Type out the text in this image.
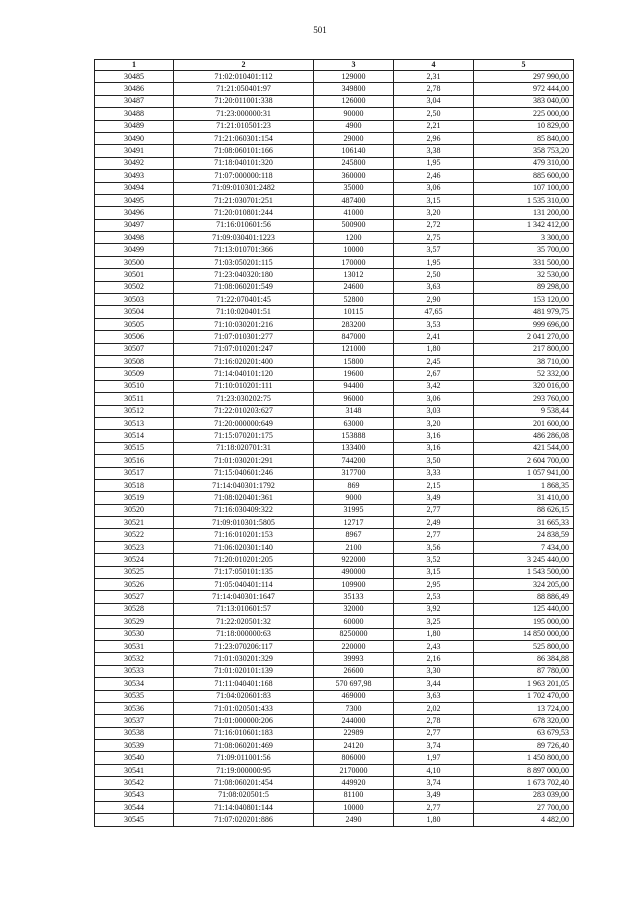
501
1	2	3	4	5
30485	71:02:010401:112	129000	2,31	297 990,00
30486	71:21:050401:97	349800	2,78	972 444,00
30487	71:20:011001:338	126000	3,04	383 040,00
30488	71:23:000000:31	90000	2,50	225 000,00
30489	71:21:010501:23	4900	2,21	10 829,00
30490	71:21:060301:154	29000	2,96	85 840,00
30491	71:08:060101:166	106140	3,38	358 753,20
30492	71:18:040101:320	245800	1,95	479 310,00
30493	71:07:000000:118	360000	2,46	885 600,00
30494	71:09:010301:2482	35000	3,06	107 100,00
30495	71:21:030701:251	487400	3,15	1 535 310,00
30496	71:20:010801:244	41000	3,20	131 200,00
30497	71:16:010601:56	500900	2,72	1 342 412,00
30498	71:09:030401:1223	1200	2,75	3 300,00
30499	71:13:010701:366	10000	3,57	35 700,00
30500	71:03:050201:115	170000	1,95	331 500,00
30501	71:23:040320:180	13012	2,50	32 530,00
30502	71:08:060201:549	24600	3,63	89 298,00
30503	71:22:070401:45	52800	2,90	153 120,00
30504	71:10:020401:51	10115	47,65	481 979,75
30505	71:10:030201:216	283200	3,53	999 696,00
30506	71:07:010301:277	847000	2,41	2 041 270,00
30507	71:07:010201:247	121000	1,80	217 800,00
30508	71:16:020201:400	15800	2,45	38 710,00
30509	71:14:040101:120	19600	2,67	52 332,00
30510	71:10:010201:111	94400	3,42	320 016,00
30511	71:23:030202:75	96000	3,06	293 760,00
30512	71:22:010203:627	3148	3,03	9 538,44
30513	71:20:000000:649	63000	3,20	201 600,00
30514	71:15:070201:175	153888	3,16	486 286,08
30515	71:18:020701:31	133400	3,16	421 544,00
30516	71:01:030201:291	744200	3,50	2 604 700,00
30517	71:15:040601:246	317700	3,33	1 057 941,00
30518	71:14:040301:1792	869	2,15	1 868,35
30519	71:08:020401:361	9000	3,49	31 410,00
30520	71:16:030409:322	31995	2,77	88 626,15
30521	71:09:010301:5805	12717	2,49	31 665,33
30522	71:16:010201:153	8967	2,77	24 838,59
30523	71:06:020301:140	2100	3,56	7 434,00
30524	71:20:010201:205	922000	3,52	3 245 440,00
30525	71:17:050101:135	490000	3,15	1 543 500,00
30526	71:05:040401:114	109900	2,95	324 205,00
30527	71:14:040301:1647	35133	2,53	88 886,49
30528	71:13:010601:57	32000	3,92	125 440,00
30529	71:22:020501:32	60000	3,25	195 000,00
30530	71:18:000000:63	8250000	1,80	14 850 000,00
30531	71:23:070206:117	220000	2,43	525 800,00
30532	71:01:030201:329	39993	2,16	86 384,88
30533	71:01:020101:139	26600	3,30	87 780,00
30534	71:11:040401:168	570 697,98	3,44	1 963 201,05
30535	71:04:020601:83	469000	3,63	1 702 470,00
30536	71:01:020501:433	7300	2,02	13 724,00
30537	71:01:000000:206	244000	2,78	678 320,00
30538	71:16:010601:183	22989	2,77	63 679,53
30539	71:08:060201:469	24120	3,74	89 726,40
30540	71:09:011001:56	806000	1,97	1 450 800,00
30541	71:19:000000:95	2170000	4,10	8 897 000,00
30542	71:08:060201:454	449920	3,74	1 673 702,40
30543	71:08:020501:5	81100	3,49	283 039,00
30544	71:14:040801:144	10000	2,77	27 700,00
30545	71:07:020201:886	2490	1,80	4 482,00
